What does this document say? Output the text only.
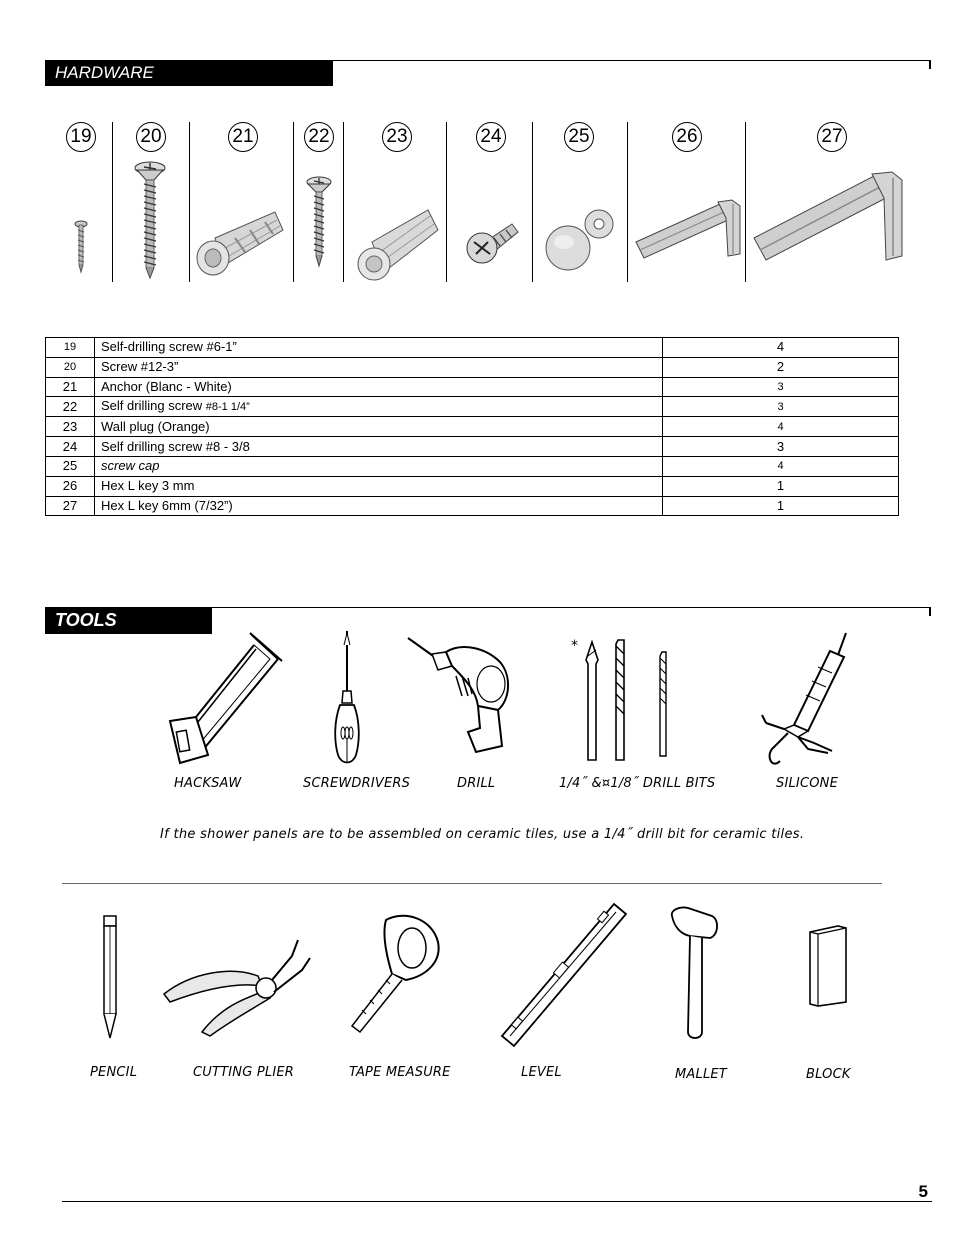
HARDWARE
19	20	21	22	23	24	25	26	27
19	Self-drilling screw #6-1”	4
20	Screw #12-3”	2
21	Anchor (Blanc - White)	3
22	Self drilling screw #8-1 1/4”	3
23	Wall plug (Orange)	4
24	Self drilling screw #8 - 3/8	3
25	screw cap	4
26	Hex L key 3 mm	1
27	Hex L key 6mm (7/32”)	1
TOOLS
*
HACKSAW	SCREWDRIVERS	DRILL	1/4˝ &¤1/8˝ DRILL BITS	SILICONE
If the shower panels are to be assembled on ceramic tiles, use a 1/4˝ drill bit for ceramic tiles.
PENCIL	CUTTING PLIER	TAPE MEASURE	LEVEL	MALLET	BLOCK
5
